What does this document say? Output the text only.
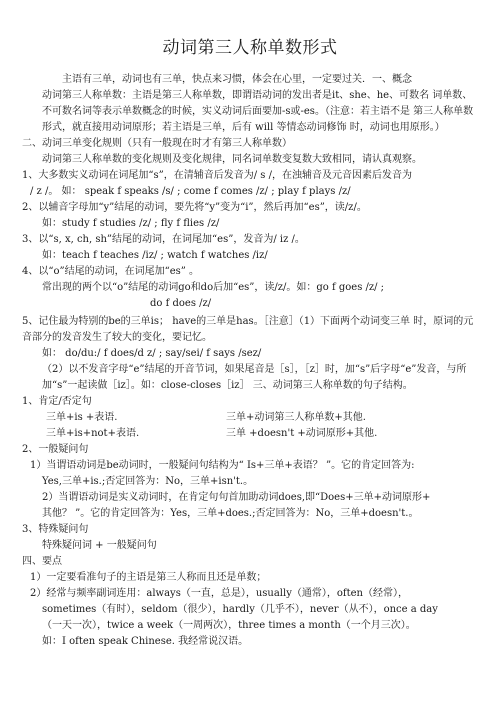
动词第三人称单数形式

主语有三单，动词也有三单，快点来习惯，体会在心里，一定要过关．一、概念

动词第三人称单数：主语是第三人称单数，即谓语动词的发出者是it、she、he、可数名 词单数、不可数名词等表示单数概念的时候，实义动词后面要加-s或-es。（注意：若主语不是 第三人称单数形式，就直接用动词原形；若主语是三单，后有 will 等情态动词修饰 时，动词也用原形。）

二、动词三单变化规则（只有一般现在时才有第三人称单数）

动词第三人称单数的变化规则及变化规律，同名词单数变复数大致相同，请认真观察。

1、大多数实义动词在词尾加“s”，在清辅音后发音为/ s /，在浊辅音及元音因素后发音为

/ z /。 如： speak f speaks /s/ ; come f comes /z/ ; play f plays /z/

2、以辅音字母加“y”结尾的动词，要先将“y”变为“i”，然后再加“es”，读/z/。

如：study f studies /z/ ; fly f flies /z/

3、以“s, x, ch, sh”结尾的动词，在词尾加“es”，发音为/ iz /。

如：teach f teaches /iz/ ; watch f watches /iz/

4、以“o”结尾的动词，在词尾加“es” 。

常出现的两个以“o”结尾的动词go和do后加“es”，读/z/。如：go f goes /z/ ;

do f does /z/

5、记住最为特别的be的三单is； have的三单是has。［注意］（1）下面两个动词变三单 时，原词的元音部分的发音发生了较大的变化，要记忆。

如： do/du:/ f does/d z/ ; say/sei/ f says /sez/

（2）以不发音字母“e”结尾的开音节词，如果尾音是［s］，［z］时，加“s”后字母“e”发音，与所加“s”一起读做［iz］。如：close-closes［iz］ 三、动词第三人称单数的句子结构。

1、肯定/否定句

三单+is +表语.	三单+动词第三人称单数+其他.
三单+is+not+表语.	三单 +doesn't +动词原形+其他.

2、一般疑问句

1）当谓语动词是be动词时，一般疑问句结构为“ Is+三单+表语？ ”。它的肯定回答为:

Yes,三单+is.;否定回答为：No，三单+isn't.。

2）当谓语动词是实义动词时，在肯定句句首加助动词does,即“Does+三单+动词原形+

其他？ ”。它的肯定回答为：Yes，三单+does.;否定回答为：No，三单+doesn't.。

3、特殊疑问句

特殊疑问词 + 一般疑问句

四、要点

1）一定要看准句子的主语是第三人称而且还是单数；

2）经常与频率副词连用：always（一直，总是），usually（通常），often（经常），

sometimes（有时），seldom（很少），hardly（几乎不），never（从不），once a day

（一天一次），twice a week（一周两次），three times a month（一个月三次）。

如：I often speak Chinese. 我经常说汉语。
